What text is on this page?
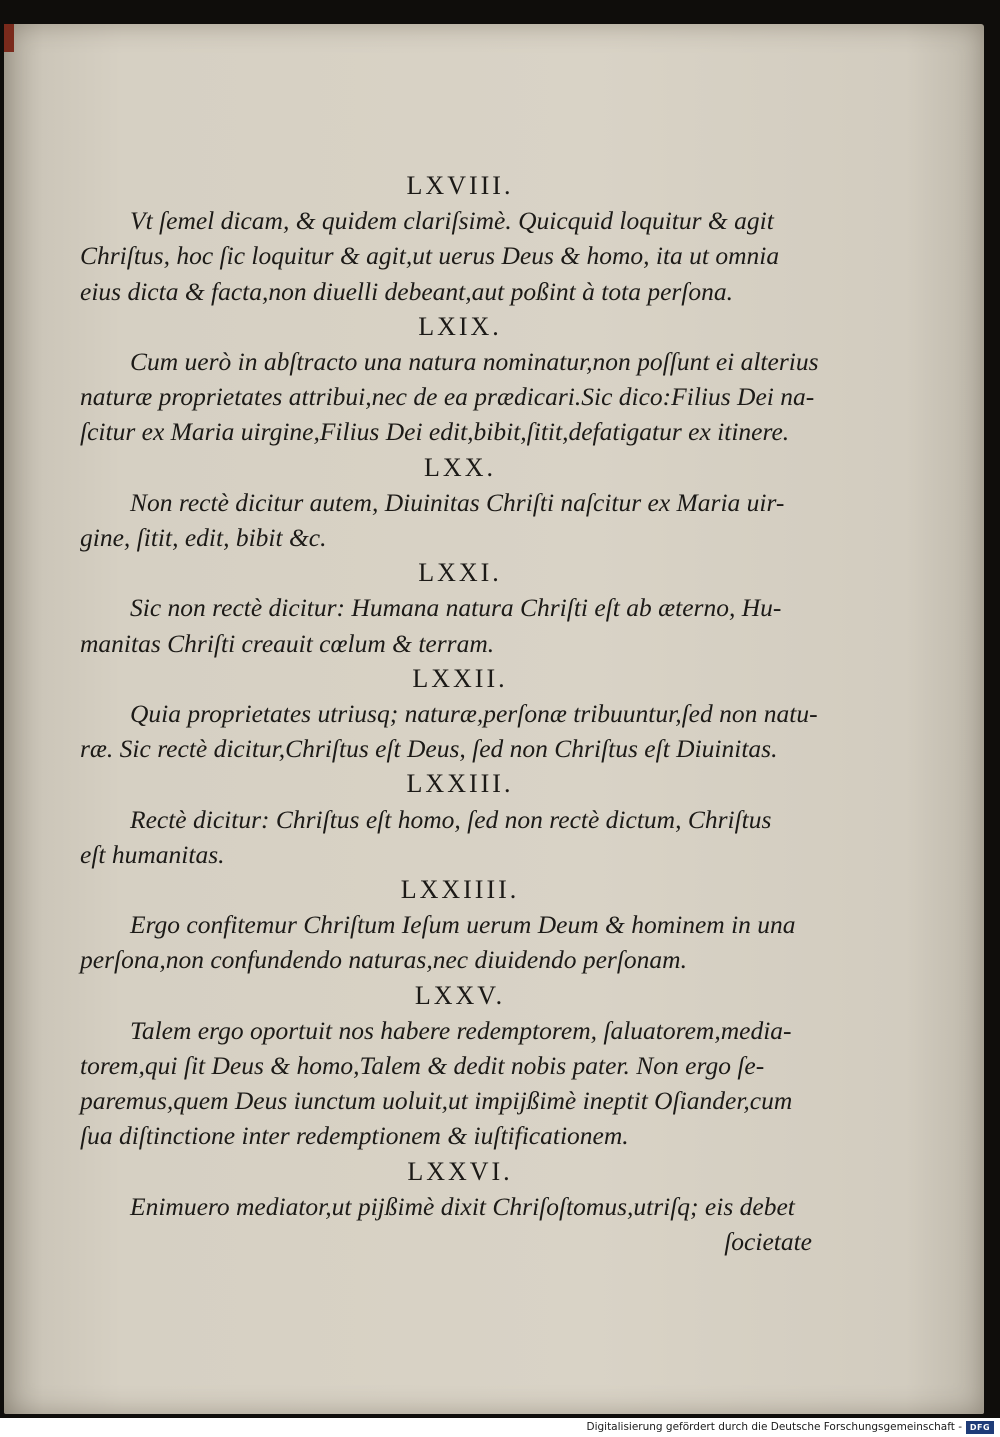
LXVIII.
Vt ſemel dicam, & quidem clariſsimè. Quicquid loquitur & agit
Chriſtus, hoc ſic loquitur & agit,ut uerus Deus & homo, ita ut omnia
eius dicta & facta,non diuelli debeant,aut poßint à tota perſona.
LXIX.
Cum uerò in abſtracto una natura nominatur,non poſſunt ei alterius
naturæ proprietates attribui,nec de ea prædicari.Sic dico:Filius Dei na-
ſcitur ex Maria uirgine,Filius Dei edit,bibit,ſitit,defatigatur ex itinere.
LXX.
Non rectè dicitur autem, Diuinitas Chriſti naſcitur ex Maria uir-
gine, ſitit, edit, bibit &c.
LXXI.
Sic non rectè dicitur: Humana natura Chriſti eſt ab æterno, Hu-
manitas Chriſti creauit cœlum & terram.
LXXII.
Quia proprietates utriusq; naturæ,perſonæ tribuuntur,ſed non natu-
ræ. Sic rectè dicitur,Chriſtus eſt Deus, ſed non Chriſtus eſt Diuinitas.
LXXIII.
Rectè dicitur: Chriſtus eſt homo, ſed non rectè dictum, Chriſtus
eſt humanitas.
LXXIIII.
Ergo confitemur Chriſtum Ieſum uerum Deum & hominem in una
perſona,non confundendo naturas,nec diuidendo perſonam.
LXXV.
Talem ergo oportuit nos habere redemptorem, ſaluatorem,media-
torem,qui ſit Deus & homo,Talem & dedit nobis pater. Non ergo ſe-
paremus,quem Deus iunctum uoluit,ut impijßimè ineptit Oſiander,cum
ſua diſtinctione inter redemptionem & iuſtificationem.
LXXVI.
Enimuero mediator,ut pijßimè dixit Chriſoſtomus,utriſq; eis debet
ſocietate
Digitalisierung gefördert durch die Deutsche Forschungsgemeinschaft - DFG
